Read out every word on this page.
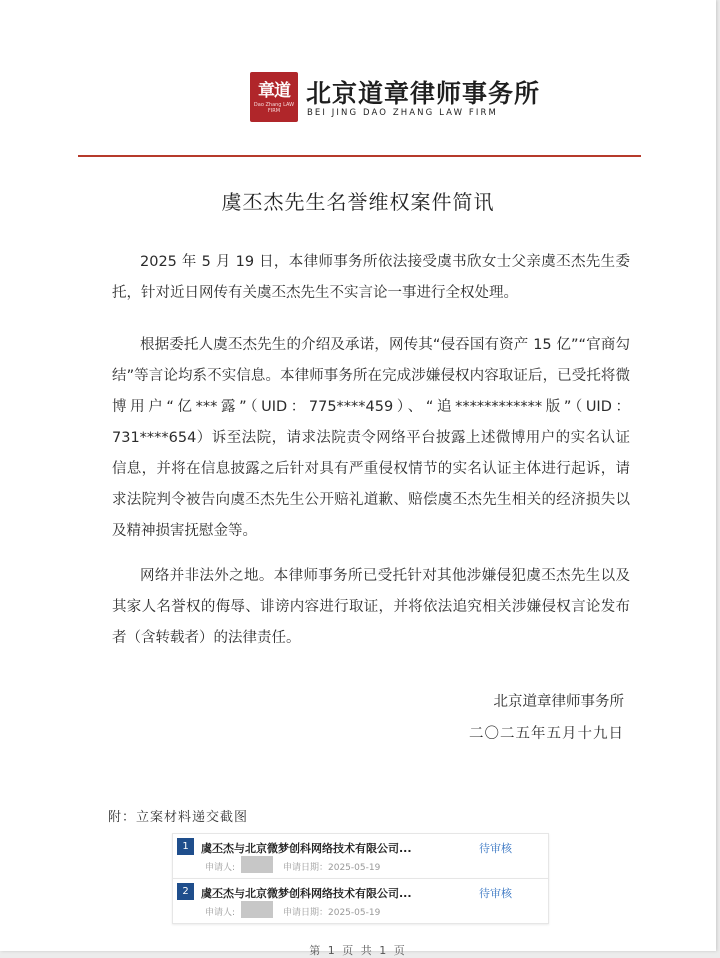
章道
Dao Zhang LAW FIRM
北京道章律师事务所
BEI JING DAO ZHANG LAW FIRM
虞丕杰先生名誉维权案件简讯

2025 年 5 月 19 日，本律师事务所依法接受虞书欣女士父亲虞丕杰先生委托，针对近日网传有关虞丕杰先生不实言论一事进行全权处理。

根据委托人虞丕杰先生的介绍及承诺，网传其“侵吞国有资产 15 亿”“官商勾结”等言论均系不实信息。本律师事务所在完成涉嫌侵权内容取证后，已受托将微博用户“亿***露”（UID：775****459）、“追************版”（UID：731****654）诉至法院，请求法院责令网络平台披露上述微博用户的实名认证信息，并将在信息披露之后针对具有严重侵权情节的实名认证主体进行起诉，请求法院判令被告向虞丕杰先生公开赔礼道歉、赔偿虞丕杰先生相关的经济损失以及精神损害抚慰金等。

网络并非法外之地。本律师事务所已受托针对其他涉嫌侵犯虞丕杰先生以及其家人名誉权的侮辱、诽谤内容进行取证，并将依法追究相关涉嫌侵权言论发布者（含转载者）的法律责任。

北京道章律师事务所
二〇二五年五月十九日
附：立案材料递交截图
1	虞丕杰与北京微梦创科网络技术有限公司...	待审核
申请人:	申请日期：2025-05-19
2	虞丕杰与北京微梦创科网络技术有限公司...	待审核
申请人:	申请日期：2025-05-19
第 1 页 共 1 页
